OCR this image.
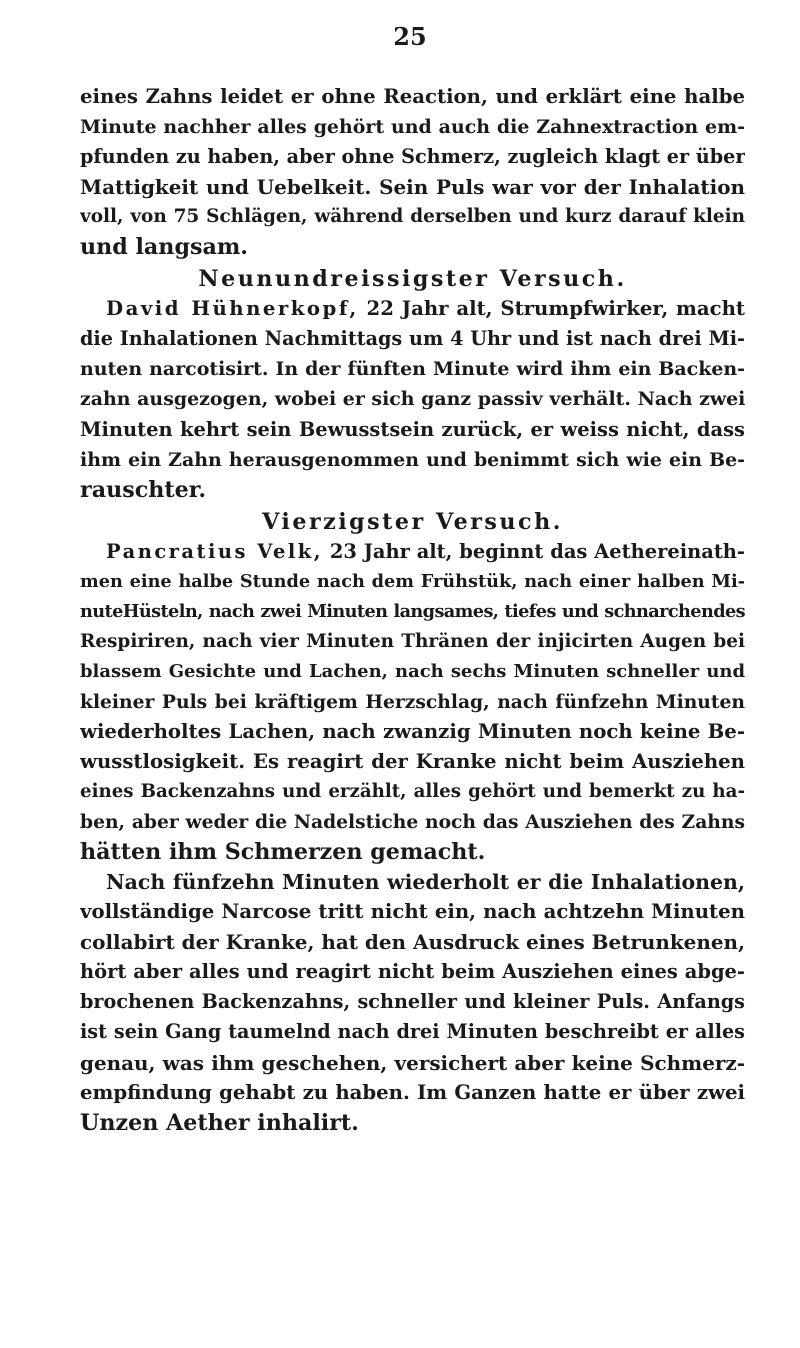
25
eines Zahns leidet er ohne Reaction, und erklärt eine halbe
Minute nachher alles gehört und auch die Zahnextraction em-
pfunden zu haben, aber ohne Schmerz, zugleich klagt er über
Mattigkeit und Uebelkeit. Sein Puls war vor der Inhalation
voll, von 75 Schlägen, während derselben und kurz darauf klein
und langsam.
Neunundreissigster Versuch.
David Hühnerkopf, 22 Jahr alt, Strumpfwirker, macht
die Inhalationen Nachmittags um 4 Uhr und ist nach drei Mi-
nuten narcotisirt. In der fünften Minute wird ihm ein Backen-
zahn ausgezogen, wobei er sich ganz passiv verhält. Nach zwei
Minuten kehrt sein Bewusstsein zurück, er weiss nicht, dass
ihm ein Zahn herausgenommen und benimmt sich wie ein Be-
rauschter.
Vierzigster Versuch.
Pancratius Velk, 23 Jahr alt, beginnt das Aethereinath-
men eine halbe Stunde nach dem Frühstük, nach einer halben Mi-
nuteHüsteln, nach zwei Minuten langsames, tiefes und schnarchendes
Respiriren, nach vier Minuten Thränen der injicirten Augen bei
blassem Gesichte und Lachen, nach sechs Minuten schneller und
kleiner Puls bei kräftigem Herzschlag, nach fünfzehn Minuten
wiederholtes Lachen, nach zwanzig Minuten noch keine Be-
wusstlosigkeit. Es reagirt der Kranke nicht beim Ausziehen
eines Backenzahns und erzählt, alles gehört und bemerkt zu ha-
ben, aber weder die Nadelstiche noch das Ausziehen des Zahns
hätten ihm Schmerzen gemacht.
Nach fünfzehn Minuten wiederholt er die Inhalationen,
vollständige Narcose tritt nicht ein, nach achtzehn Minuten
collabirt der Kranke, hat den Ausdruck eines Betrunkenen,
hört aber alles und reagirt nicht beim Ausziehen eines abge-
brochenen Backenzahns, schneller und kleiner Puls. Anfangs
ist sein Gang taumelnd nach drei Minuten beschreibt er alles
genau, was ihm geschehen, versichert aber keine Schmerz-
empfindung gehabt zu haben. Im Ganzen hatte er über zwei
Unzen Aether inhalirt.
